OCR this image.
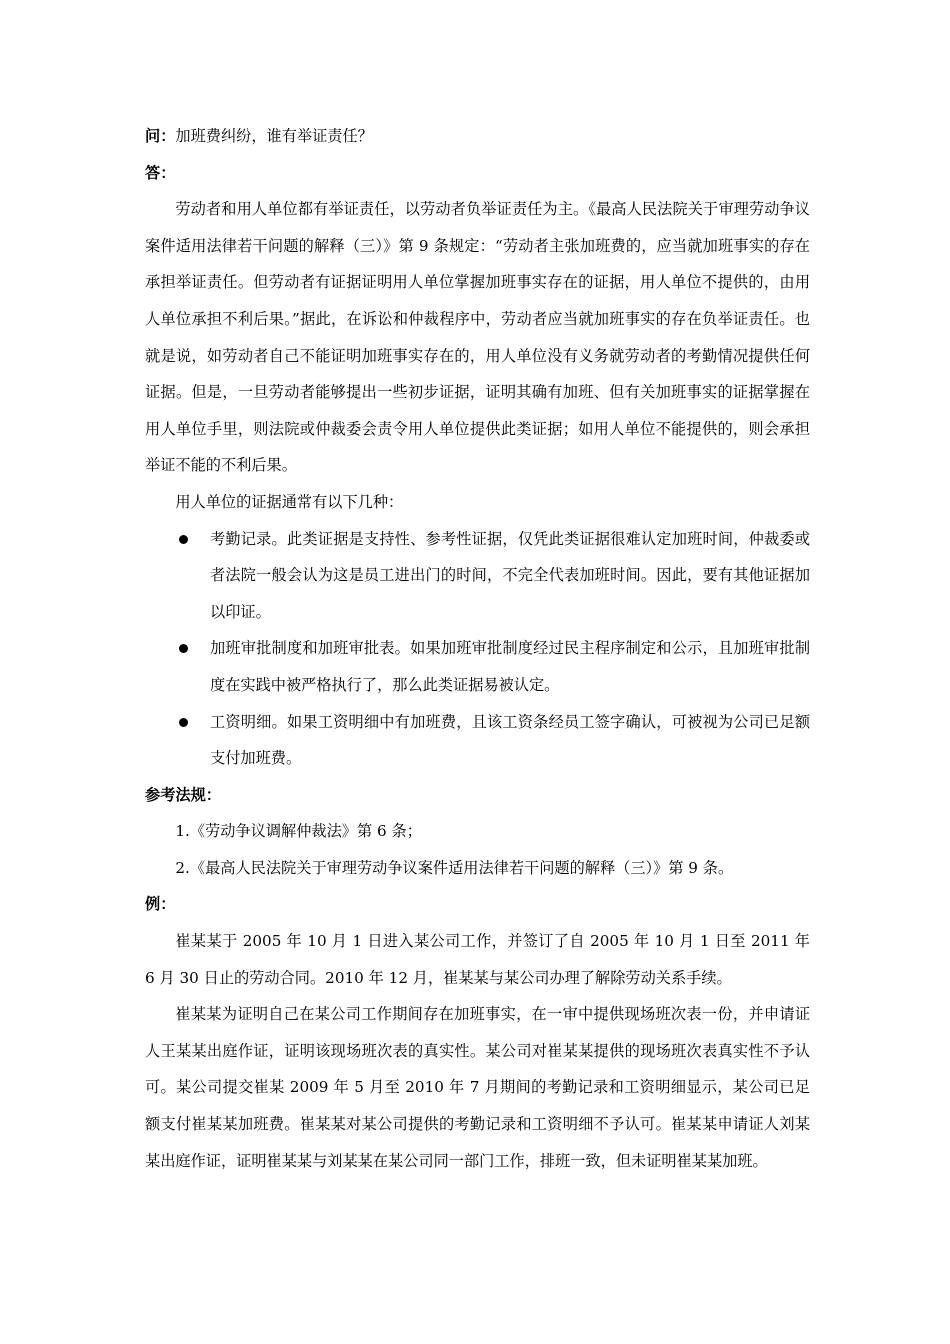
问：加班费纠纷，谁有举证责任？
答：

劳动者和用人单位都有举证责任，以劳动者负举证责任为主。《最高人民法院关于审理劳动争议案件适用法律若干问题的解释（三）》第 9 条规定：“劳动者主张加班费的，应当就加班事实的存在承担举证责任。但劳动者有证据证明用人单位掌握加班事实存在的证据，用人单位不提供的，由用人单位承担不利后果。”据此，在诉讼和仲裁程序中，劳动者应当就加班事实的存在负举证责任。也就是说，如劳动者自己不能证明加班事实存在的，用人单位没有义务就劳动者的考勤情况提供任何证据。但是，一旦劳动者能够提出一些初步证据，证明其确有加班、但有关加班事实的证据掌握在用人单位手里，则法院或仲裁委会责令用人单位提供此类证据；如用人单位不能提供的，则会承担举证不能的不利后果。

用人单位的证据通常有以下几种：

考勤记录。此类证据是支持性、参考性证据，仅凭此类证据很难认定加班时间，仲裁委或者法院一般会认为这是员工进出门的时间，不完全代表加班时间。因此，要有其他证据加以印证。
加班审批制度和加班审批表。如果加班审批制度经过民主程序制定和公示，且加班审批制度在实践中被严格执行了，那么此类证据易被认定。
工资明细。如果工资明细中有加班费，且该工资条经员工签字确认，可被视为公司已足额支付加班费。
参考法规：
1.《劳动争议调解仲裁法》第 6 条；
2.《最高人民法院关于审理劳动争议案件适用法律若干问题的解释（三）》第 9 条。
例：

崔某某于 2005 年 10 月 1 日进入某公司工作，并签订了自 2005 年 10 月 1 日至 2011 年 6 月 30 日止的劳动合同。2010 年 12 月，崔某某与某公司办理了解除劳动关系手续。

崔某某为证明自己在某公司工作期间存在加班事实，在一审中提供现场班次表一份，并申请证人王某某出庭作证，证明该现场班次表的真实性。某公司对崔某某提供的现场班次表真实性不予认可。某公司提交崔某 2009 年 5 月至 2010 年 7 月期间的考勤记录和工资明细显示，某公司已足额支付崔某某加班费。崔某某对某公司提供的考勤记录和工资明细不予认可。崔某某申请证人刘某某出庭作证，证明崔某某与刘某某在某公司同一部门工作，排班一致，但未证明崔某某加班。
